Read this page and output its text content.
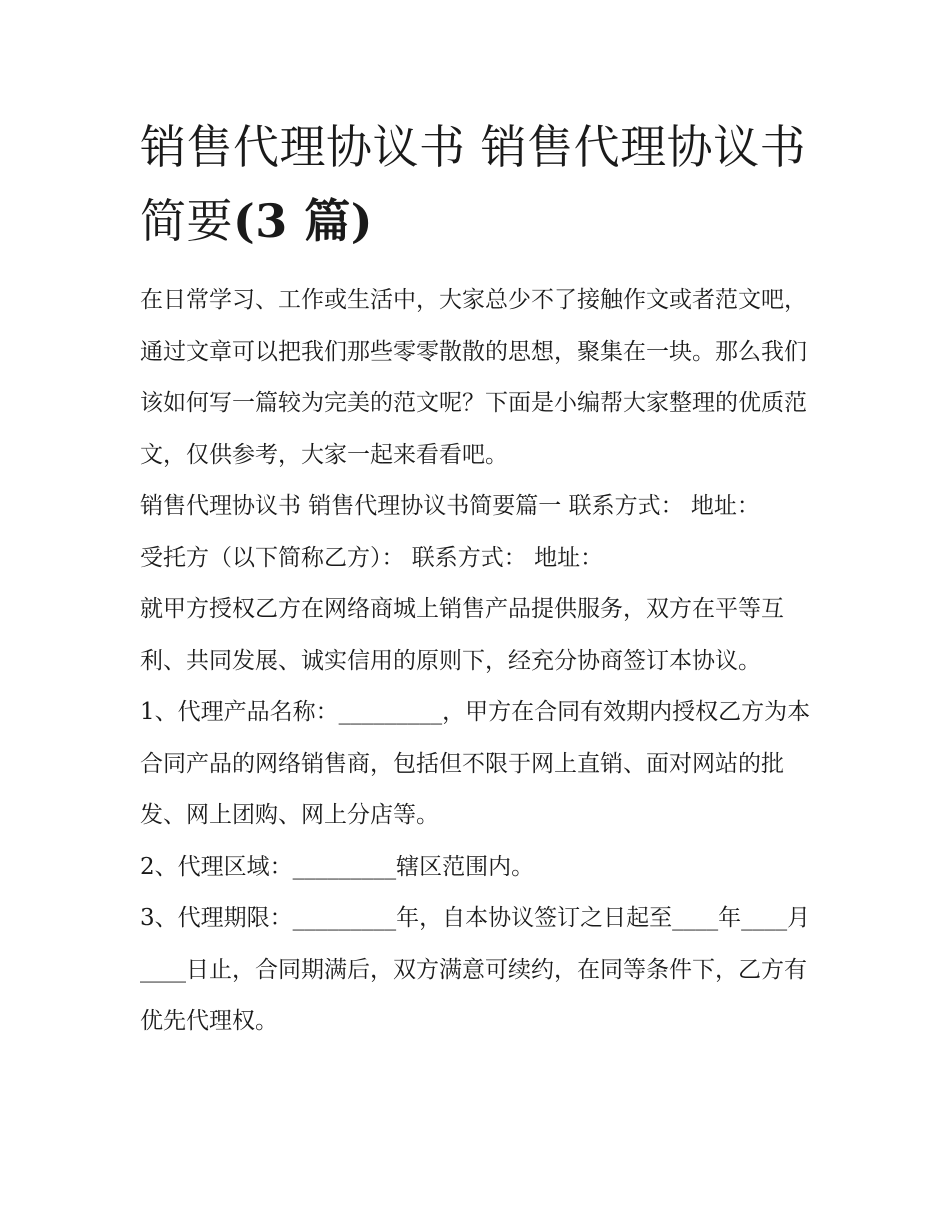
销售代理协议书 销售代理协议书简要(3 篇)

在日常学习、工作或生活中，大家总少不了接触作文或者范文吧，通过文章可以把我们那些零零散散的思想，聚集在一块。那么我们该如何写一篇较为完美的范文呢？下面是小编帮大家整理的优质范文，仅供参考，大家一起来看看吧。

销售代理协议书 销售代理协议书简要篇一 联系方式： 地址：

受托方（以下简称乙方）： 联系方式： 地址：

就甲方授权乙方在网络商城上销售产品提供服务，双方在平等互利、共同发展、诚实信用的原则下，经充分协商签订本协议。

1、代理产品名称：_________，甲方在合同有效期内授权乙方为本合同产品的网络销售商，包括但不限于网上直销、面对网站的批发、网上团购、网上分店等。

2、代理区域：_________辖区范围内。

3、代理期限：_________年，自本协议签订之日起至____年____月____日止，合同期满后，双方满意可续约，在同等条件下，乙方有优先代理权。
